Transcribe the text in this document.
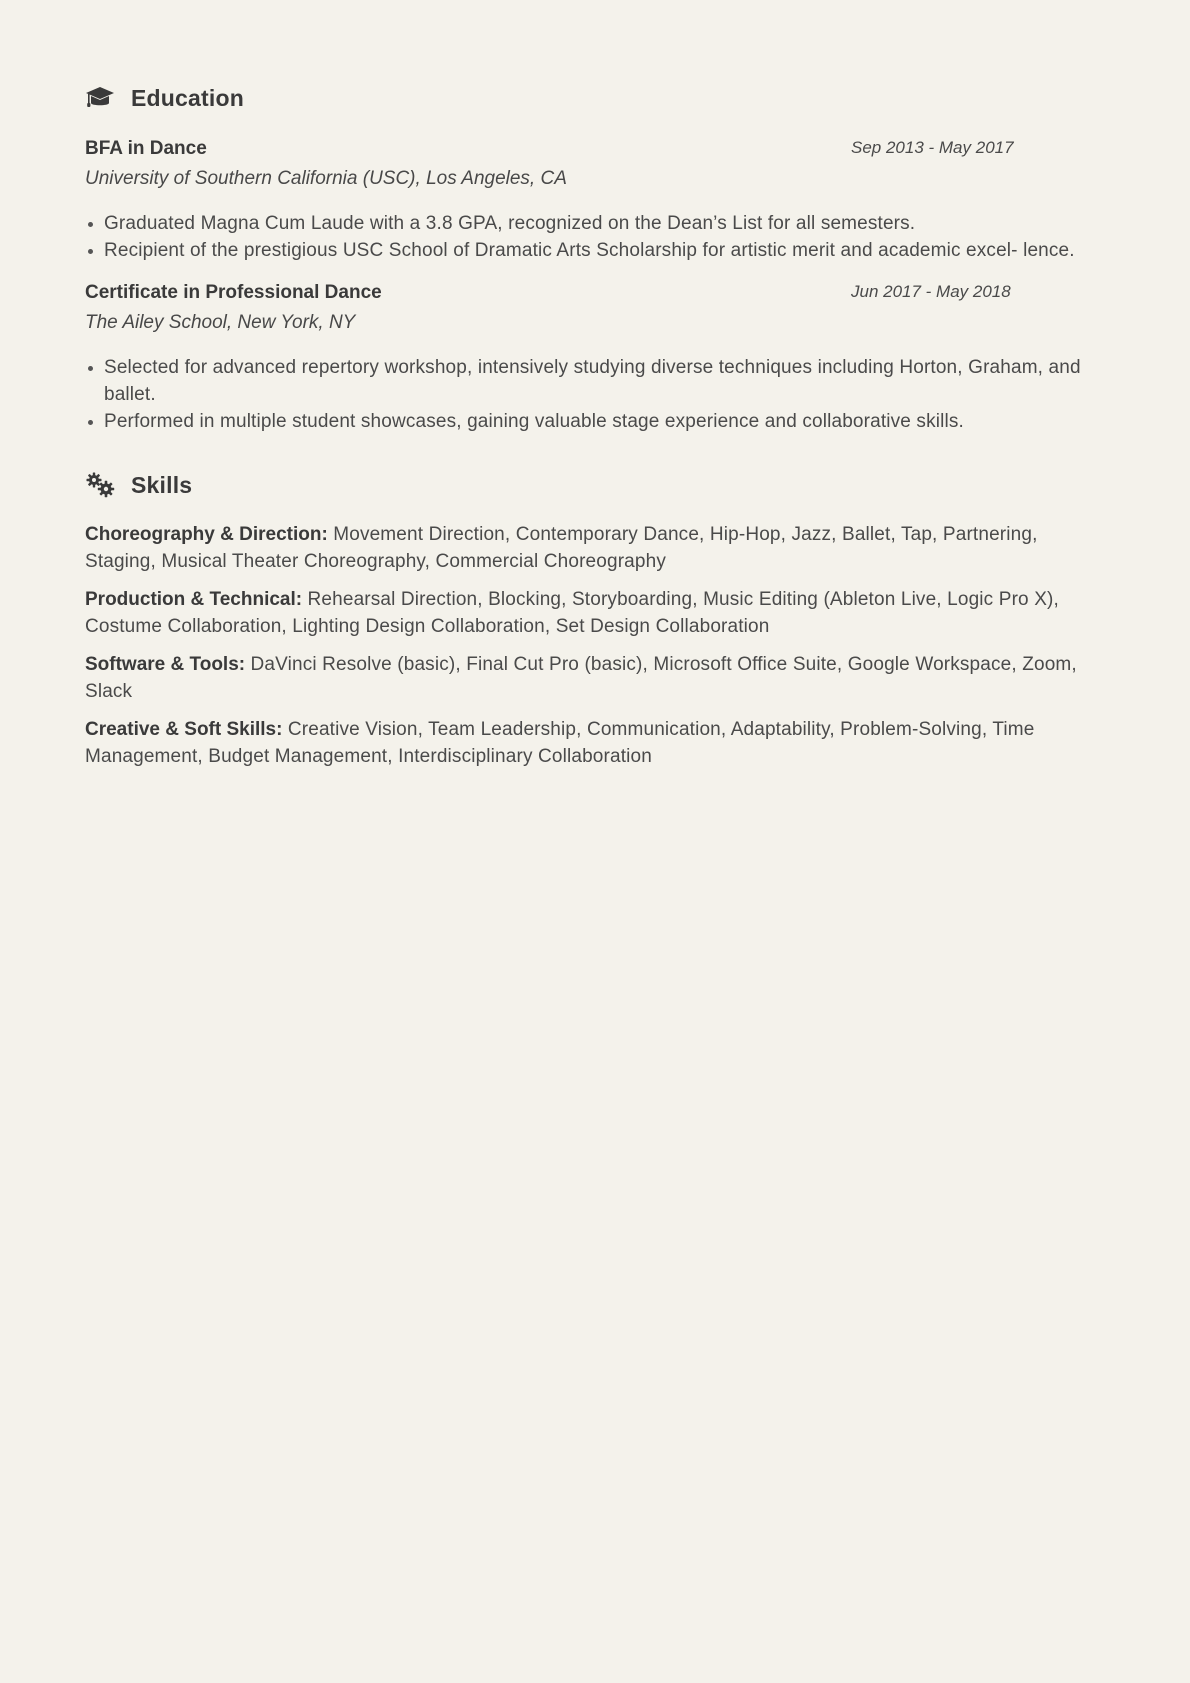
Education
BFA in Dance	Sep 2013 - May 2017
University of Southern California (USC), Los Angeles, CA
Graduated Magna Cum Laude with a 3.8 GPA, recognized on the Dean’s List for all semesters.
Recipient of the prestigious USC School of Dramatic Arts Scholarship for artistic merit and academic excel- lence.
Certificate in Professional Dance	Jun 2017 - May 2018
The Ailey School, New York, NY
Selected for advanced repertory workshop, intensively studying diverse techniques including Horton, Graham, and ballet.
Performed in multiple student showcases, gaining valuable stage experience and collaborative skills.
Skills
Choreography & Direction: Movement Direction, Contemporary Dance, Hip-Hop, Jazz, Ballet, Tap, Partnering, Staging, Musical Theater Choreography, Commercial Choreography
Production & Technical: Rehearsal Direction, Blocking, Storyboarding, Music Editing (Ableton Live, Logic Pro X), Costume Collaboration, Lighting Design Collaboration, Set Design Collaboration
Software & Tools: DaVinci Resolve (basic), Final Cut Pro (basic), Microsoft Office Suite, Google Workspace, Zoom, Slack
Creative & Soft Skills: Creative Vision, Team Leadership, Communication, Adaptability, Problem-Solving, Time Management, Budget Management, Interdisciplinary Collaboration
